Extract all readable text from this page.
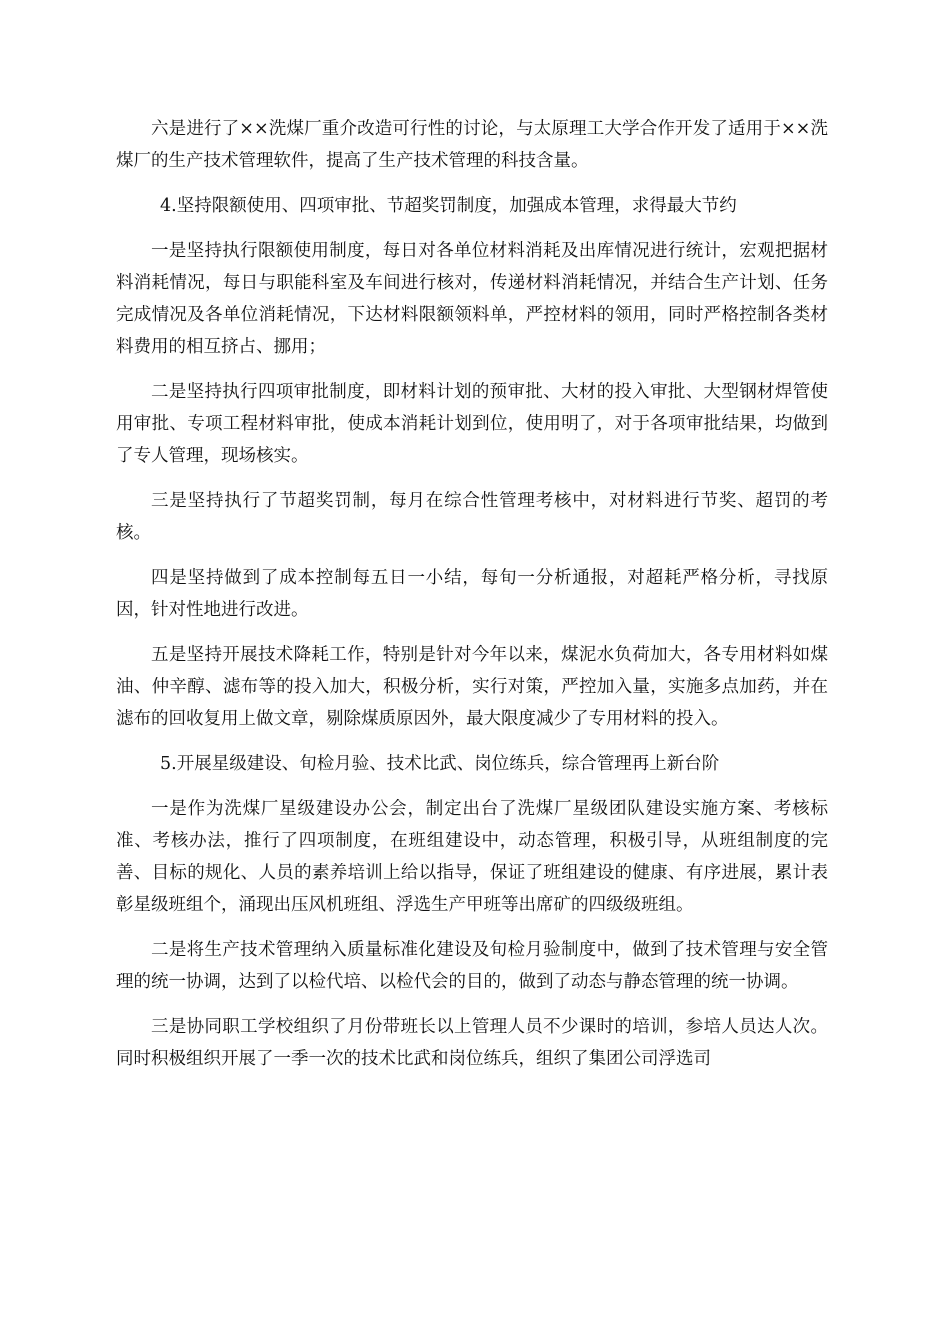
六是进行了××洗煤厂重介改造可行性的讨论，与太原理工大学合作开发了适用于××洗煤厂的生产技术管理软件，提高了生产技术管理的科技含量。

4.坚持限额使用、四项审批、节超奖罚制度，加强成本管理，求得最大节约

一是坚持执行限额使用制度，每日对各单位材料消耗及出库情况进行统计，宏观把据材料消耗情况，每日与职能科室及车间进行核对，传递材料消耗情况，并结合生产计划、任务完成情况及各单位消耗情况，下达材料限额领料单，严控材料的领用，同时严格控制各类材料费用的相互挤占、挪用；

二是坚持执行四项审批制度，即材料计划的预审批、大材的投入审批、大型钢材焊管使用审批、专项工程材料审批，使成本消耗计划到位，使用明了，对于各项审批结果，均做到了专人管理，现场核实。

三是坚持执行了节超奖罚制，每月在综合性管理考核中，对材料进行节奖、超罚的考核。

四是坚持做到了成本控制每五日一小结，每旬一分析通报，对超耗严格分析，寻找原因，针对性地进行改进。

五是坚持开展技术降耗工作，特别是针对今年以来，煤泥水负荷加大，各专用材料如煤油、仲辛醇、滤布等的投入加大，积极分析，实行对策，严控加入量，实施多点加药，并在滤布的回收复用上做文章，剔除煤质原因外，最大限度减少了专用材料的投入。

5.开展星级建设、旬检月验、技术比武、岗位练兵，综合管理再上新台阶

一是作为洗煤厂星级建设办公会，制定出台了洗煤厂星级团队建设实施方案、考核标准、考核办法，推行了四项制度，在班组建设中，动态管理，积极引导，从班组制度的完善、目标的规化、人员的素养培训上给以指导，保证了班组建设的健康、有序进展，累计表彰星级班组个，涌现出压风机班组、浮选生产甲班等出席矿的四级级班组。

二是将生产技术管理纳入质量标准化建设及旬检月验制度中，做到了技术管理与安全管理的统一协调，达到了以检代培、以检代会的目的，做到了动态与静态管理的统一协调。

三是协同职工学校组织了月份带班长以上管理人员不少课时的培训，参培人员达人次。同时积极组织开展了一季一次的技术比武和岗位练兵，组织了集团公司浮选司
